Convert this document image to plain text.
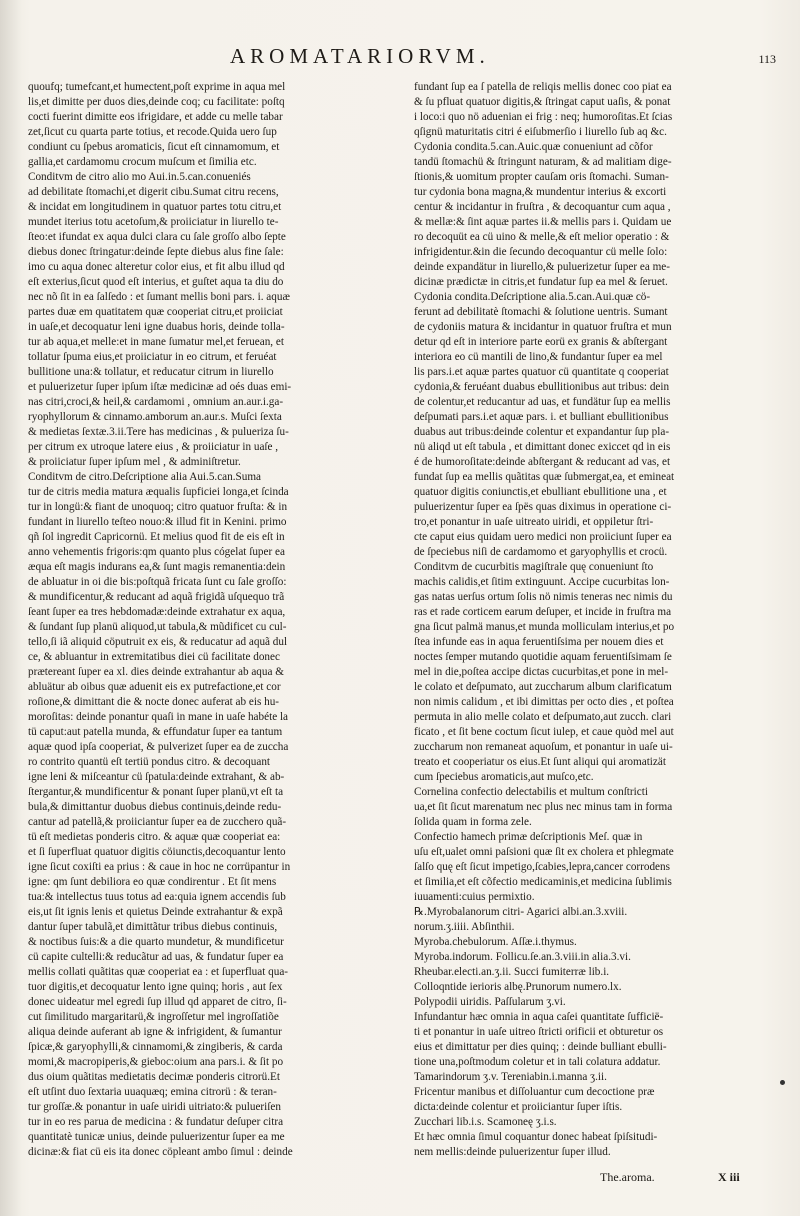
AROMATARIORVM.	113
quoufq; tumefcant,et humectent,poſt exprime in aqua mel
lis,et dimitte per duos dies,deinde coq; cu facilitate: poſtq
cocti fuerint dimitte eos ifrigidare, et adde cu melle tabar
zet,ſicut cu quarta parte totius, et recode.Quida uero ſup
condiunt cu ſpebus aromaticis, ſicut eſt cinnamomum, et
gallia,et cardamomu crocum muſcum et ſimilia etc.
Conditvm de citro alio mo Aui.in.5.can.conueniés
ad debilitate ſtomachi,et digerit cibu.Sumat citru recens,
& incidat em longitudinem in quatuor partes totu citru,et
mundet iterius totu acetoſum,& proiiciatur in liurello te-
ſteo:et ifundat ex aqua dulci clara cu ſale groſſo albo ſepte
diebus donec ſtringatur:deinde ſepte diebus alus fine ſale:
imo cu aqua donec alteretur color eius, et fit albu illud qd
eſt exterius,ſicut quod eſt interius, et guſtet aqua ta diu do
nec nõ ſit in ea ſalſedo : et ſumant mellis boni pars. i. aquæ
partes duæ em quatitatem quæ cooperiat citru,et proiiciat
in uaſe,et decoquatur leni igne duabus horis, deinde tolla-
tur ab aqua,et melle:et in mane ſumatur mel,et feruean, et
tollatur ſpuma eius,et proiiciatur in eo citrum, et feruéat
bullitione una:& tollatur, et reducatur citrum in liurello
et puluerizetur ſuper ipſum iſtæ medicinæ ad oés duas emi-
nas citri,croci,& heil,& cardamomi , omnium an.aur.i.ga-
ryophyllorum & cinnamo.amborum an.aur.s. Muſci ſexta
& medietas ſextæ.3.ii.Tere has medicinas , & pulueriza ſu-
per citrum ex utroque latere eius , & proiiciatur in uaſe ,
& proiiciatur ſuper ipſum mel , & adminiſtretur.
Conditvm de citro.Deſcriptione alia Aui.5.can.Suma
tur de citris media matura æqualis ſupficiei longa,et ſcinda
tur in longü:& fiant de unoquoq; citro quatuor fruſta: & in
fundant in liurello teſteo nouo:& illud fit in Kenini. primo
qñ ſol ingredit Capricornü. Et melius quod fit de eis eſt in
anno vehementis frigoris:qm quanto plus cógelat ſuper ea
æqua eſt magis indurans ea,& ſunt magis remanentia:dein
de abluatur in oi die bis:poſtquã fricata ſunt cu ſale groſſo:
& mundificentur,& reducant ad aquã frigidã uſquequo trã
ſeant ſuper ea tres hebdomadæ:deinde extrahatur ex aqua,
& ſundant ſup planü aliquod,ut tabula,& mũdificet cu cul-
tello,ſi iã aliquid cöputruit ex eis, & reducatur ad aquã dul
ce, & abluantur in extremitatibus diei cü facilitate donec
prætereant ſuper ea xl. dies deinde extrahantur ab aqua &
abluätur ab oibus quæ aduenit eis ex putrefactione,et cor
roſione,& dimittant die & nocte donec auferat ab eis hu-
moroſitas: deinde ponantur quaſi in mane in uaſe habéte la
tü caput:aut patella munda, & effundatur ſuper ea tantum
aquæ quod ipſa cooperiat, & pulverizet ſuper ea de zuccha
ro contrito quantü eſt tertiü pondus citro. & decoquant
igne leni & miſceantur cü ſpatula:deinde extrahant, & ab-
ſtergantur,& mundificentur & ponant ſuper planü,vt eſt ta
bula,& dimittantur duobus diebus continuis,deinde redu-
cantur ad patellã,& proiiciantur ſuper ea de zucchero quã-
tü eſt medietas ponderis citro. & aquæ quæ cooperiat ea:
et ſi ſuperfluat quatuor digitis cöiunctis,decoquantur lento
igne ſicut coxiſti ea prius : & caue in hoc ne corrüpantur in
igne: qm ſunt debiliora eo quæ condirentur . Et ſit mens
tua:& intellectus tuus totus ad ea:quia ignem accendis ſub
eis,ut ſit ignis lenis et quietus Deinde extrahantur & expã
dantur ſuper tabulã,et dimittãtur tribus diebus continuis,
& noctibus ſuis:& a die quarto mundetur, & mundificetur
cü capite cultelli:& reducãtur ad uas, & fundatur ſuper ea
mellis collati quãtitas quæ cooperiat ea : et ſuperfluat qua-
tuor digitis,et decoquatur lento igne quinq; horis , aut ſex
donec uideatur mel egredi ſup illud qd apparet de citro, ſi-
cut ſimilitudo margaritarü,& ingroſſetur mel ingroſſatiõe
aliqua deinde auferant ab igne & infrigident, & ſumantur
ſpicæ,& garyophylli,& cinnamomi,& zingiberis, & carda
momi,& macropiperis,& gieboc:oium ana pars.i. & ſit po
dus oium quãtitas medietatis decimæ ponderis citrorü.Et
eſt utſint duo ſextaria uuaquæq; emina citrorü : & teran-
tur groſſæ.& ponantur in uaſe uiridi uitriato:& pulueriſen
tur in eo res parua de medicina : & fundatur deſuper citra
quantitatè tunicæ unius, deinde puluerizentur ſuper ea me
dicinæ:& fiat cü eis ita donec cöpleant ambo ſimul : deinde
fundant ſup ea ſ patella de reliqis mellis donec coo piat ea
& ſu pfluat quatuor digitis,& ſtringat caput uaſis, & ponat
i loco:i quo nö aduenian ei frig : neq; humoroſitas.Et ſcias
qſignü maturitatis citri é eiſubmerſio i liurello ſub aq &c.
Cydonia condita.5.can.Auic.quæ conueniunt ad cõfor
tandü ſtomachü & ſtringunt naturam, & ad malitiam dige-
ſtionis,& uomitum propter cauſam oris ſtomachi. Suman-
tur cydonia bona magna,& mundentur interius & excorti
centur & incidantur in fruſtra , & decoquantur cum aqua ,
& mellæ:& ſint aquæ partes ii.& mellis pars i. Quidam ue
ro decoquüt ea cü uino & melle,& eſt melior operatio : &
infrigidentur.&in die ſecundo decoquantur cü melle ſolo:
deinde expandätur in liurello,& puluerizetur ſuper ea me-
dicinæ prædictæ in citris,et fundatur ſup ea mel & ſeruet.
Cydonia condita.Deſcriptione alia.5.can.Aui.quæ cö-
ferunt ad debilitatè ſtomachi & ſolutione uentris. Sumant
de cydoniis matura & incidantur in quatuor fruſtra et mun
detur qd eſt in interiore parte eorü ex granis & abſtergant
interiora eo cü mantili de lino,& fundantur ſuper ea mel
lis pars.i.et aquæ partes quatuor cü quantitate q cooperiat
cydonia,& feruéant duabus ebullitionibus aut tribus: dein
de colentur,et reducantur ad uas, et fundätur ſup ea mellis
deſpumati pars.i.et aquæ pars. i. et bulliant ebullitionibus
duabus aut tribus:deinde colentur et expandantur ſup pla-
nü aliqd ut eſt tabula , et dimittant donec exiccet qd in eis
é de humoroſitate:deinde abſtergant & reducant ad vas, et
fundat ſup ea mellis quãtitas quæ ſubmergat,ea, et emineat
quatuor digitis coniunctis,et ebulliant ebullitione una , et
puluerizentur ſuper ea ſpës quas diximus in operatione ci-
tro,et ponantur in uaſe uitreato uiridi, et oppiletur ſtri-
cte caput eius quidam uero medici non proiiciunt ſuper ea
de ſpeciebus niſi de cardamomo et garyophyllis et crocü.
Conditvm de cucurbitis magiſtrale quę conueniunt ſto
machis calidis,et ſitim extinguunt. Accipe cucurbitas lon-
gas natas uerſus ortum ſolis nö nimis teneras nec nimis du
ras et rade corticem earum deſuper, et incide in fruſtra ma
gna ſicut palmä manus,et munda molliculam interius,et po
ſtea infunde eas in aqua feruentiſsima per nouem dies et
noctes ſemper mutando quotidie aquam feruentiſsimam ſe
mel in die,poſtea accipe dictas cucurbitas,et pone in mel-
le colato et deſpumato, aut zuccharum album clarificatum
non nimis calidum , et ibi dimittas per octo dies , et poſtea
permuta in alio melle colato et deſpumato,aut zucch. clari
ficato , et ſit bene coctum ſicut iulep, et caue quòd mel aut
zuccharum non remaneat aquoſum, et ponantur in uaſe ui-
treato et cooperiatur os eius.Et ſunt aliqui qui aromatizät
cum ſpeciebus aromaticis,aut muſco,etc.
Cornelina confectio delectabilis et multum conſtricti
ua,et ſit ſicut marenatum nec plus nec minus tam in forma
ſolida quam in forma zele.
Confectio hamech primæ deſcriptionis Meſ. quæ in
uſu eſt,ualet omni paſsioni quæ ſit ex cholera et phlegmate
ſalſo quę eſt ſicut impetigo,ſcabies,lepra,cancer corrodens
et ſimilia,et eſt cõfectio medicaminis,et medicina ſublimis
iuuamenti:cuius permixtio.
℞.Myrobalanorum citri- Agarici albi.an.3.xviii.
norum.ʒ.iiii. Abſinthii.
Myroba.chebulorum. Aſſæ.i.thymus.
Myroba.indorum. Follicu.ſe.an.3.viii.in alia.3.vi.
Rheubar.electi.an.ʒ.ii. Succi fumiterræ lib.i.
Colloqntide ierioris albę.Prunorum numero.lx.
Polypodii uiridis. Paſſularum ʒ.vi.
Infundantur hæc omnia in aqua caſei quantitate ſufficië-
ti et ponantur in uaſe uitreo ſtricti orificii et obturetur os
eius et dimittatur per dies quinq; : deinde bulliant ebulli-
tione una,poſtmodum coletur et in tali colatura addatur.
Tamarindorum ʒ.v. Tereniabin.i.manna ʒ.ii.
Fricentur manibus et diſſoluantur cum decoctione præ
dicta:deinde colentur et proiiciantur ſuper iſtis.
Zucchari lib.i.s. Scamoneę ʒ.i.s.
Et hæc omnia ſimul coquantur donec habeat ſpiſsitudi-
nem mellis:deinde puluerizentur ſuper illud.
The.aroma.	X iii
